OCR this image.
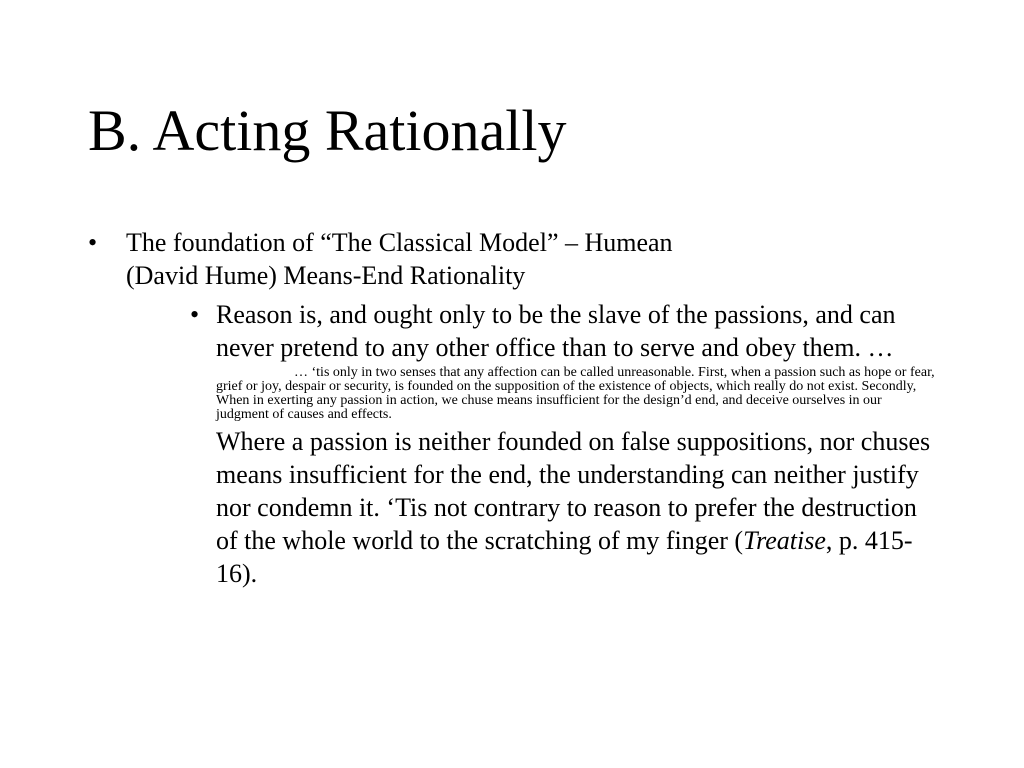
B. Acting Rationally
• The foundation of “The Classical Model” – Humean
(David Hume) Means-End Rationality
• Reason is, and ought only to be the slave of the passions, and can never pretend to any other office than to serve and obey them. …

… ‘tis only in two senses that any affection can be called unreasonable. First, when a passion such as hope or fear, grief or joy, despair or security, is founded on the supposition of the existence of objects, which really do not exist. Secondly, When in exerting any passion in action, we chuse means insufficient for the design’d end, and deceive ourselves in our judgment of causes and effects.

Where a passion is neither founded on false suppositions, nor chuses means insufficient for the end, the understanding can neither justify nor condemn it. ‘Tis not contrary to reason to prefer the destruction of the whole world to the scratching of my finger (Treatise, p. 415-16).
